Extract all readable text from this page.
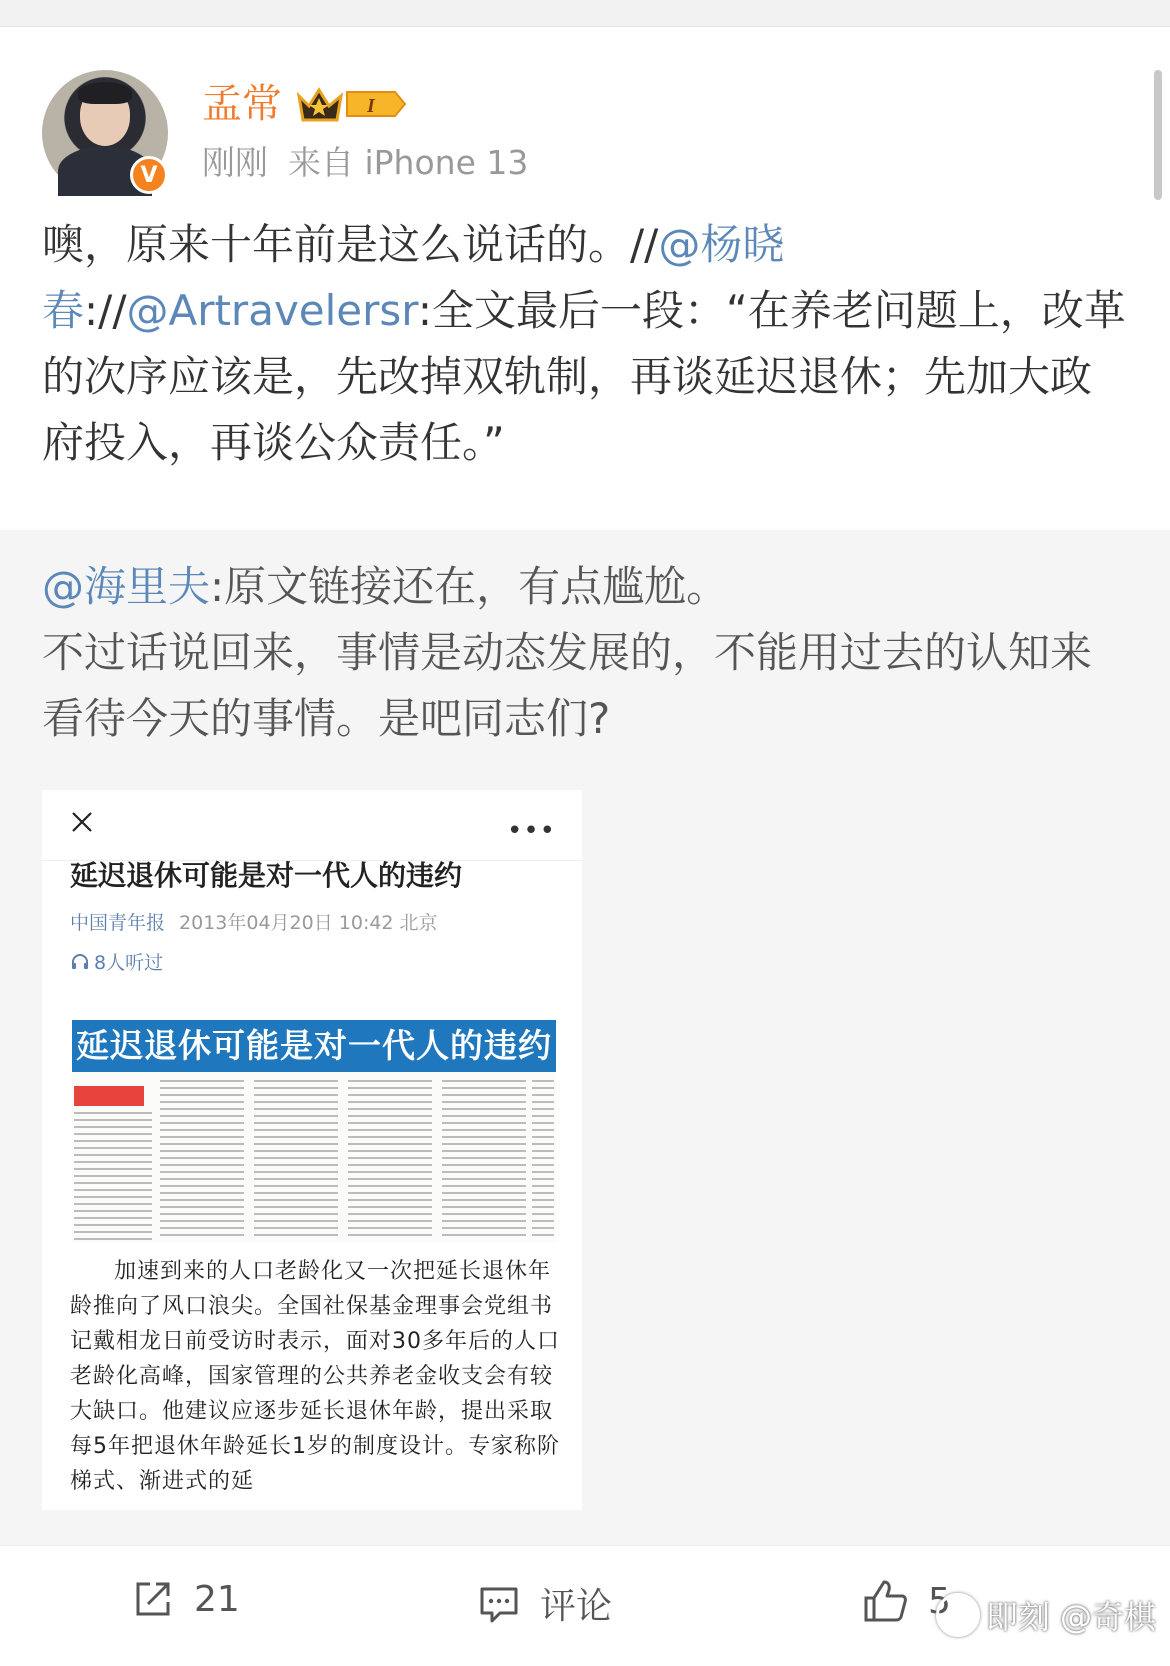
V
孟常	I
刚刚 来自 iPhone 13
噢，原来十年前是这么说话的。//@杨晓春://@Artravelersr:全文最后一段：“在养老问题上，改革的次序应该是，先改掉双轨制，再谈延迟退休；先加大政府投入，再谈公众责任。”
@海里夫:原文链接还在，有点尴尬。
不过话说回来，事情是动态发展的，不能用过去的认知来看待今天的事情。是吧同志们?
•••
延迟退休可能是对一代人的违约
中国青年报 2013年04月20日 10:42 北京
8人听过
延迟退休可能是对一代人的违约

加速到来的人口老龄化又一次把延长退休年龄推向了风口浪尖。全国社保基金理事会党组书记戴相龙日前受访时表示，面对30多年后的人口老龄化高峰，国家管理的公共养老金收支会有较大缺口。他建议应逐步延长退休年龄，提出采取每5年把退休年龄延长1岁的制度设计。专家称阶梯式、渐进式的延

21	评论	5 即刻 @奇棋
